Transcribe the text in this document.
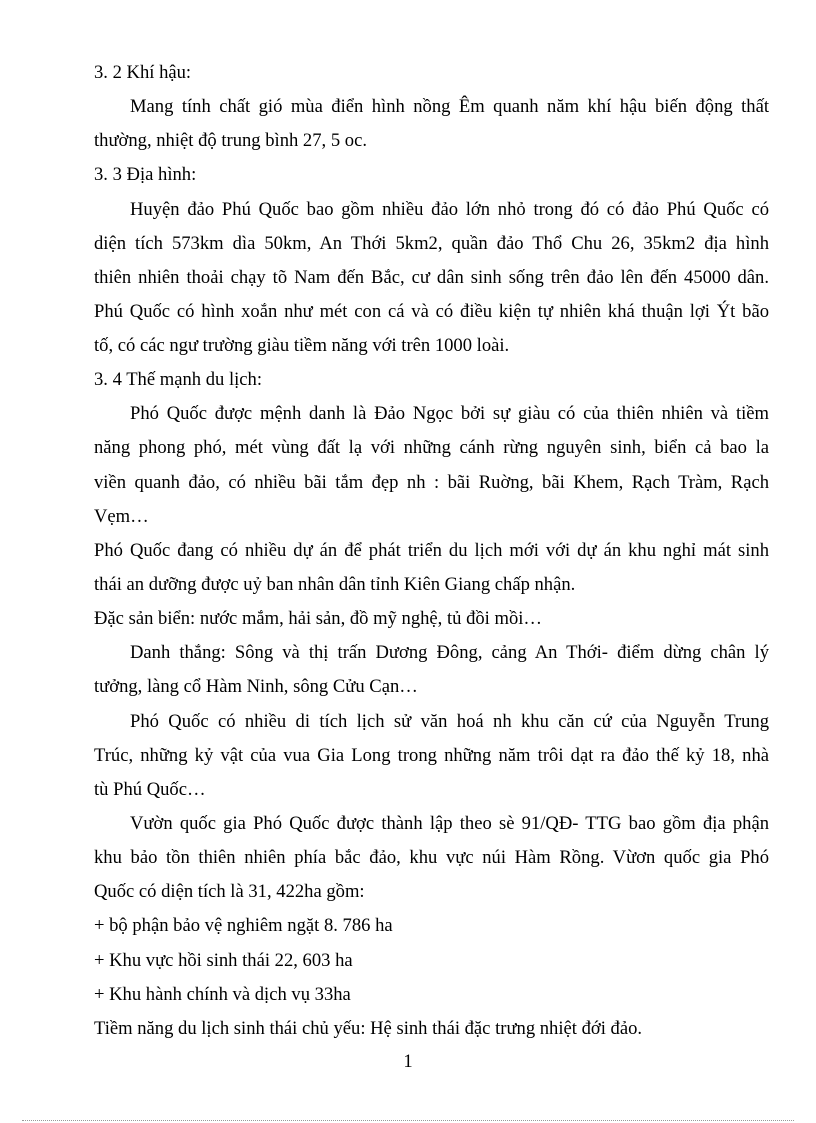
3. 2 Khí hậu:

Mang tính chất gió mùa điển hình nồng Êm quanh năm khí hậu biến động thất

thường, nhiệt độ trung bình 27, 5 oc.

3. 3 Địa hình:

Huyện đảo Phú Quốc bao gồm nhiều đảo lớn nhỏ trong đó có đảo Phú Quốc có

diện tích 573km dìa 50km, An Thới 5km2, quần đảo Thổ Chu 26, 35km2 địa hình

thiên nhiên thoải chạy tõ Nam đến Bắc, cư dân sinh sống trên đảo lên đến 45000 dân.

Phú Quốc có hình xoắn như mét con cá và có điều kiện tự nhiên khá thuận lợi Ýt bão

tố, có các ngư trường giàu tiềm năng với trên 1000 loài.

3. 4 Thế mạnh du lịch:

Phó Quốc được mệnh danh là Đảo Ngọc bởi sự giàu có của thiên nhiên và tiềm

năng phong phó, mét vùng đất lạ với những cánh rừng nguyên sinh, biển cả bao la

viền quanh đảo, có nhiều bãi tắm đẹp nh : bãi Ruờng, bãi Khem, Rạch Tràm, Rạch

Vẹm…

Phó Quốc đang có nhiều dự án để phát triển du lịch mới với dự án khu nghỉ mát sinh

thái an dưỡng được uỷ ban nhân dân tỉnh Kiên Giang chấp nhận.

Đặc sản biển: nước mắm, hải sản, đồ mỹ nghệ, tủ đồi mồi…

Danh thắng: Sông và thị trấn Dương Đông, cảng An Thới- điểm dừng chân lý

tưởng, làng cổ Hàm Ninh, sông Cửu Cạn…

Phó Quốc có nhiều di tích lịch sử văn hoá nh khu căn cứ của Nguyễn Trung

Trúc, những kỷ vật của vua Gia Long trong những năm trôi dạt ra đảo thế kỷ 18, nhà

tù Phú Quốc…

Vườn quốc gia Phó Quốc được thành lập theo sè 91/QĐ- TTG bao gồm địa phận

khu bảo tồn thiên nhiên phía bắc đảo, khu vực núi Hàm Rồng. Vừơn quốc gia Phó

Quốc có diện tích là 31, 422ha gồm:

+ bộ phận bảo vệ nghiêm ngặt 8. 786 ha

+ Khu vực hồi sinh thái 22, 603 ha

+ Khu hành chính và dịch vụ 33ha

Tiềm năng du lịch sinh thái chủ yếu: Hệ sinh thái đặc trưng nhiệt đới đảo.

1
